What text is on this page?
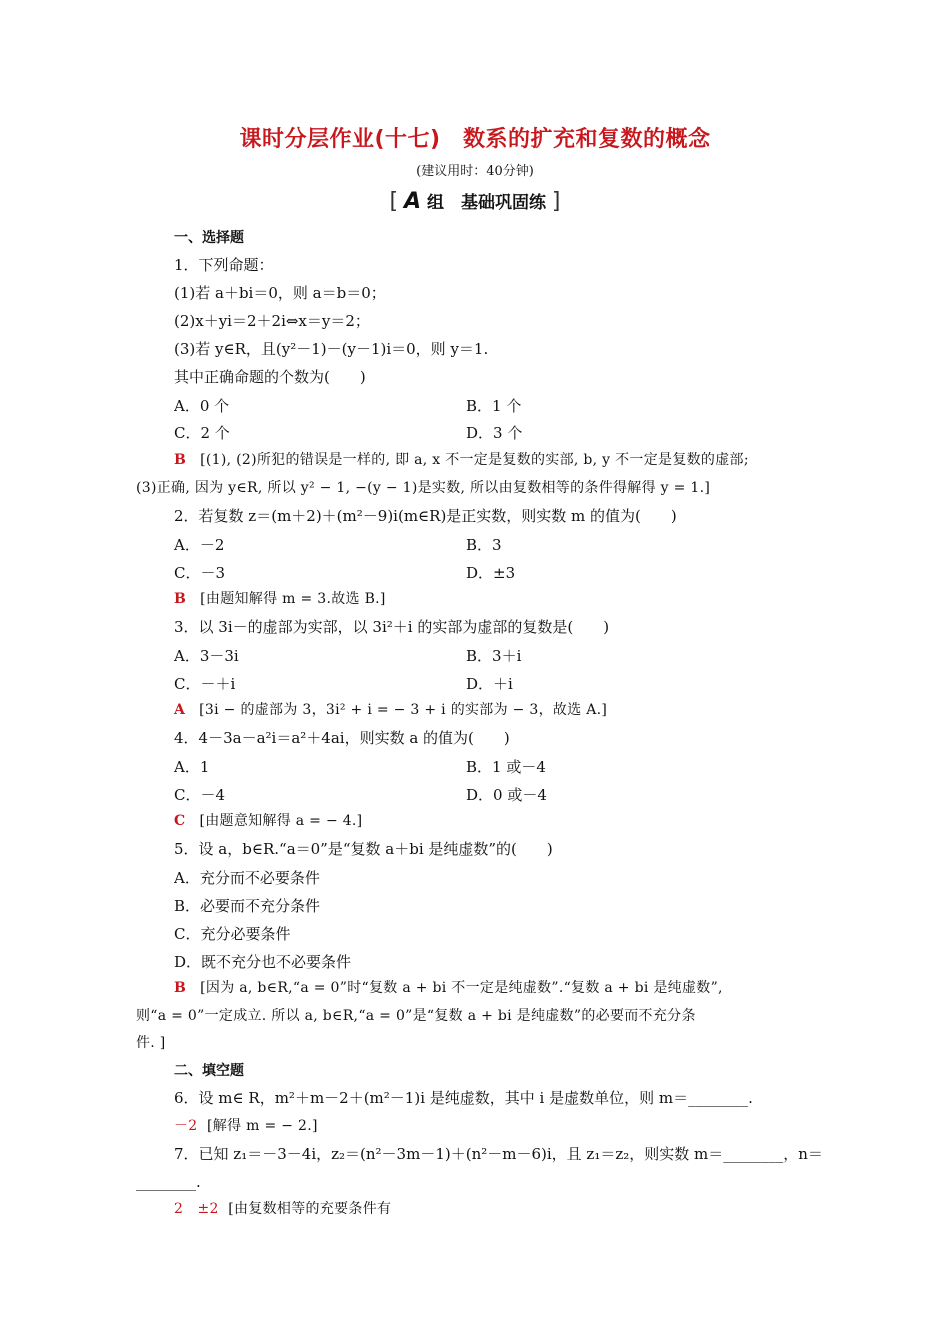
课时分层作业(十七)　数系的扩充和复数的概念
(建议用时：40分钟)
[ A 组　基础巩固练 ]
一、选择题
1．下列命题：
(1)若 a＋bi＝0，则 a＝b＝0；
(2)x＋yi＝2＋2i⇔x＝y＝2；
(3)若 y∈R，且(y²－1)－(y－1)i＝0，则 y＝1.
其中正确命题的个数为(　　)
A．0 个	B．1 个
C．2 个	D．3 个
B [(1), (2)所犯的错误是一样的, 即 a, x 不一定是复数的实部, b, y 不一定是复数的虚部;
(3)正确, 因为 y∈R, 所以 y² − 1, −(y − 1)是实数, 所以由复数相等的条件得解得 y = 1.]
2．若复数 z＝(m＋2)＋(m²－9)i(m∈R)是正实数，则实数 m 的值为(　　)
A．－2	B．3
C．－3	D．±3
B [由题知解得 m = 3.故选 B.]
3．以 3i－的虚部为实部，以 3i²＋i 的实部为虚部的复数是(　　)
A．3－3i	B．3＋i
C．－＋i	D．＋i
A [3i − 的虚部为 3，3i² + i = − 3 + i 的实部为 − 3，故选 A.]
4．4－3a－a²i＝a²＋4ai，则实数 a 的值为(　　)
A．1	B．1 或－4
C．－4	D．0 或－4
C [由题意知解得 a = − 4.]
5．设 a，b∈R.“a＝0”是“复数 a＋bi 是纯虚数”的(　　)
A．充分而不必要条件
B．必要而不充分条件
C．充分必要条件
D．既不充分也不必要条件
B [因为 a, b∈R,“a = 0”时“复数 a + bi 不一定是纯虚数”.“复数 a + bi 是纯虚数”,
则“a = 0”一定成立. 所以 a, b∈R,“a = 0”是“复数 a + bi 是纯虚数”的必要而不充分条
件. ]
二、填空题
6．设 m∈ R，m²＋m－2＋(m²－1)i 是纯虚数，其中 i 是虚数单位，则 m＝________.
－2 [解得 m = − 2.]
7．已知 z₁＝－3－4i，z₂＝(n²－3m－1)＋(n²－m－6)i，且 z₁＝z₂，则实数 m＝________，n＝
________.
2　±2 [由复数相等的充要条件有
